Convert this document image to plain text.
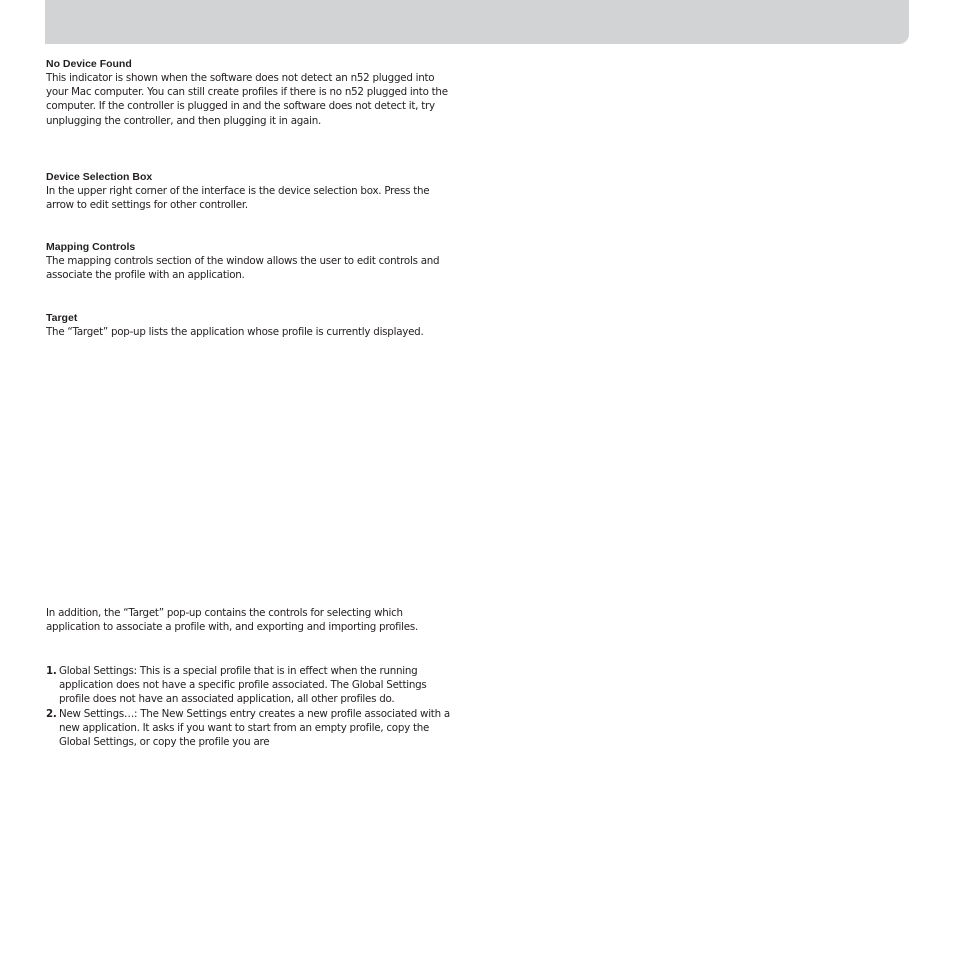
No Device Found

This indicator is shown when the software does not detect an n52 plugged into your Mac computer. You can still create profiles if there is no n52 plugged into the computer. If the controller is plugged in and the software does not detect it, try unplugging the controller, and then plugging it in again.

Device Selection Box

In the upper right corner of the interface is the device selection box. Press the arrow to edit settings for other controller.

Mapping Controls

The mapping controls section of the window allows the user to edit controls and associate the profile with an application.

Target

The “Target” pop-up lists the application whose profile is currently displayed.

In addition, the “Target” pop-up contains the controls for selecting which application to associate a profile with, and exporting and importing profiles.

1. Global Settings: This is a special profile that is in effect when the running application does not have a specific profile associated. The Global Settings profile does not have an associated application, all other profiles do.
2. New Settings…: The New Settings entry creates a new profile associated with a new application. It asks if you want to start from an empty profile, copy the Global Settings, or copy the profile you are
